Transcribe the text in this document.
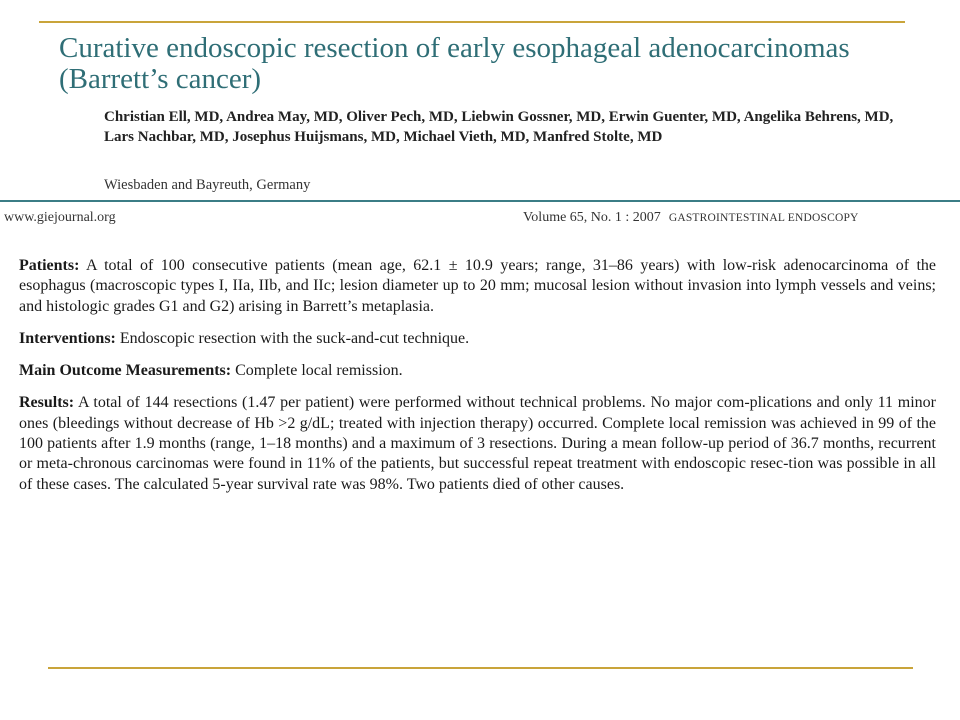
Curative endoscopic resection of early esophageal adenocarcinomas (Barrett’s cancer)
Christian Ell, MD, Andrea May, MD, Oliver Pech, MD, Liebwin Gossner, MD, Erwin Guenter, MD, Angelika Behrens, MD, Lars Nachbar, MD, Josephus Huijsmans, MD, Michael Vieth, MD, Manfred Stolte, MD
Wiesbaden and Bayreuth, Germany
www.giejournal.org	Volume 65, No. 1 : 2007 GASTROINTESTINAL ENDOSCOPY

Patients: A total of 100 consecutive patients (mean age, 62.1 ± 10.9 years; range, 31–86 years) with low-risk adenocarcinoma of the esophagus (macroscopic types I, IIa, IIb, and IIc; lesion diameter up to 20 mm; mucosal lesion without invasion into lymph vessels and veins; and histologic grades G1 and G2) arising in Barrett’s metaplasia.

Interventions: Endoscopic resection with the suck-and-cut technique.

Main Outcome Measurements: Complete local remission.

Results: A total of 144 resections (1.47 per patient) were performed without technical problems. No major com-plications and only 11 minor ones (bleedings without decrease of Hb >2 g/dL; treated with injection therapy) occurred. Complete local remission was achieved in 99 of the 100 patients after 1.9 months (range, 1–18 months) and a maximum of 3 resections. During a mean follow-up period of 36.7 months, recurrent or meta-chronous carcinomas were found in 11% of the patients, but successful repeat treatment with endoscopic resec-tion was possible in all of these cases. The calculated 5-year survival rate was 98%. Two patients died of other causes.
